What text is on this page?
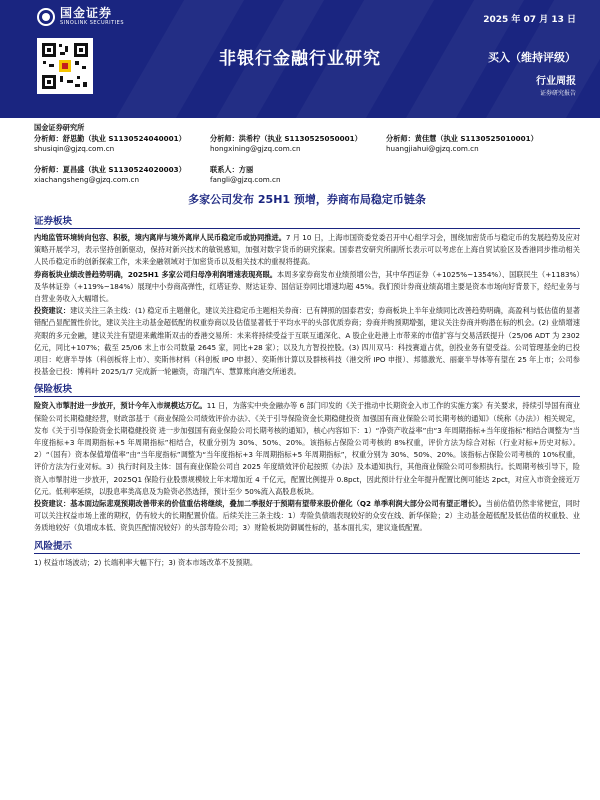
国金证券
SINOLINK SECURITIES	2025 年 07 月 13 日
非银行金融行业研究	买入（维持评级）
行业周报
证券研究报告
国金证券研究所
分析师：舒思勤（执业 S1130524040001）
shusiqin@gjzq.com.cn
分析师：洪希柠（执业 S1130525050001）
hongxining@gjzq.com.cn
分析师：黄佳慧（执业 S1130525010001）
huangjiahui@gjzq.com.cn
分析师：夏昌盛（执业 S1130524020003）
xiachangsheng@gjzq.com.cn
联系人：方丽
fangli@gjzq.com.cn
多家公司发布 25H1 预增，券商布局稳定币链条
证券板块

内地监管环境转向包容、积极，境内离岸与境外离岸人民币稳定币或协同推进。7 月 10 日，上海市国资委党委召开中心组学习会，围绕加密货币与稳定币的发展趋势及应对策略开展学习，表示坚持创新驱动，保持对新兴技术的敏锐感知，加强对数字货币的研究探索。国泰君安研究所副所长表示可以考虑在上海自贸试验区及香港同步推动相关人民币稳定币的创新探索工作，未来金融领域对于加密货币以及相关技术的重视将提高。

券商板块业绩改善趋势明确，2025H1 多家公司归母净利润增速表现亮眼。本周多家券商发布业绩预增公告，其中华西证券（+1025%~1354%）、国联民生（+1183%）及华林证券（+119%~184%）展现中小券商高弹性，红塔证券、财达证券、国信证券同比增速均超 45%。我们预计券商业绩高增主要是资本市场向好背景下，经纪业务与自营业务收入大幅增长。

投资建议：建议关注三条主线：(1) 稳定币主题催化，建议关注稳定币主题相关券商：已有牌照的国泰君安；券商板块上半年业绩同比改善趋势明确，高盈利与低估值的显著错配凸显配置性价比，建议关注主动基金超低配的权重券商以及估值显著低于平均水平的头部优质券商；券商并购预期增强，建议关注券商并购潜在标的机会。(2) 业绩增速亮眼的多元金融，建议关注有望迎来戴维斯双击的香港交易所：未来将持续受益于互联互通深化、A 股企业赴港上市带来的市值扩容与交易活跃提升（25/06 ADT 为 2302 亿元，同比+107%；截至 25/06 末上市公司数量 2645 家，同比+28 家）；以及九方智投控股。(3) 四川双马：科技赛道占优，创投业务有望受益。公司管理基金的已投项目：屹唐半导体（科创板将上市）、奕斯伟材料（科创板 IPO 申报）、奕斯伟计算以及群核科技（港交所 IPO 申报）、邦德激光、丽豪半导体等有望在 25 年上市；公司参投基金已投：博科叶 2025/1/7 完成新一轮融资，奇瑞汽车、慧算账向港交所递表。

保险板块

险资入市掣肘进一步放开，预计今年入市规模达万亿。11 日，为落实中央金融办等 6 部门印发的《关于推动中长期资金入市工作的实施方案》有关要求，持续引导国有商业保险公司长期稳健经营，财政部基于《商业保险公司绩效评价办法》、《关于引导保险资金长期稳健投资 加强国有商业保险公司长期考核的通知》（统称《办法》）相关规定，发布《关于引导保险资金长期稳健投资 进一步加强国有商业保险公司长期考核的通知》，核心内容如下：1）“净资产收益率”由“3 年周期指标+当年度指标”相结合调整为“当年度指标+3 年周期指标+5 年周期指标”相结合，权重分别为 30%、50%、20%。该指标占保险公司考核的 8%权重，评价方法为综合对标（行业对标+历史对标）。2）“（国有）资本保值增值率”由“当年度指标”调整为“当年度指标+3 年周期指标+5 年周期指标”，权重分别为 30%、50%、20%。该指标占保险公司考核的 10%权重，评价方法为行业对标。3）执行时间及主体：国有商业保险公司自 2025 年度绩效评价起按照《办法》及本通知执行，其他商业保险公司可参照执行。长周期考核引导下，险资入市掣肘进一步放开，2025Q1 保险行业股票规模较上年末增加近 4 千亿元，配置比例提升 0.8pct，因此预计行业全年提升配置比例可能达 2pct，对应入市资金接近万亿元。低利率延续，以股息率类高息及为险资必然选择，预计至少 50%流入高股息板块。

投资建议：基本面边际悲观预期改善带来的价值重估将继续，叠加二季报好于预期有望带来股价催化（Q2 单季利润大部分公司有望正增长）。当前估值仍然非常便宜，同时可以关注权益市场上涨的期权，仍有较大的长期配置价值。后续关注三条主线：1）寿险负债端表现较好的众安在线、新华保险；2）主动基金超低配及低估值的权重股、业务质地较好（负增成本低、资负匹配情况较好）的头部寿险公司；3）财险板块防御属性标的，基本面扎实，建议逢低配置。

风险提示

1) 权益市场波动；2) 长端利率大幅下行；3) 资本市场改革不及预期。
